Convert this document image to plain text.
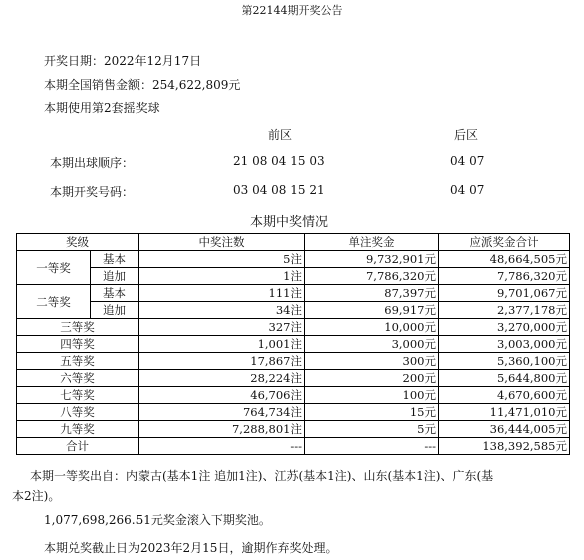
第22144期开奖公告
开奖日期：2022年12月17日
本期全国销售金额：254,622,809元
本期使用第2套摇奖球
前区	后区
本期出球顺序：	21 08 04 15 03	04 07
本期开奖号码：	03 04 08 15 21	04 07
本期中奖情况
奖级		中奖注数	单注奖金	应派奖金合计
一等奖	基本	5注	9,732,901元	48,664,505元
	追加	1注	7,786,320元	7,786,320元
二等奖	基本	111注	87,397元	9,701,067元
	追加	34注	69,917元	2,377,178元
三等奖		327注	10,000元	3,270,000元
四等奖		1,001注	3,000元	3,003,000元
五等奖		17,867注	300元	5,360,100元
六等奖		28,224注	200元	5,644,800元
七等奖		46,706注	100元	4,670,600元
八等奖		764,734注	15元	11,471,010元
九等奖		7,288,801注	5元	36,444,005元
合计		---	---	138,392,585元
本期一等奖出自：内蒙古(基本1注 追加1注)、江苏(基本1注)、山东(基本1注)、广东(基
本2注)。
1,077,698,266.51元奖金滚入下期奖池。
本期兑奖截止日为2023年2月15日，逾期作弃奖处理。
